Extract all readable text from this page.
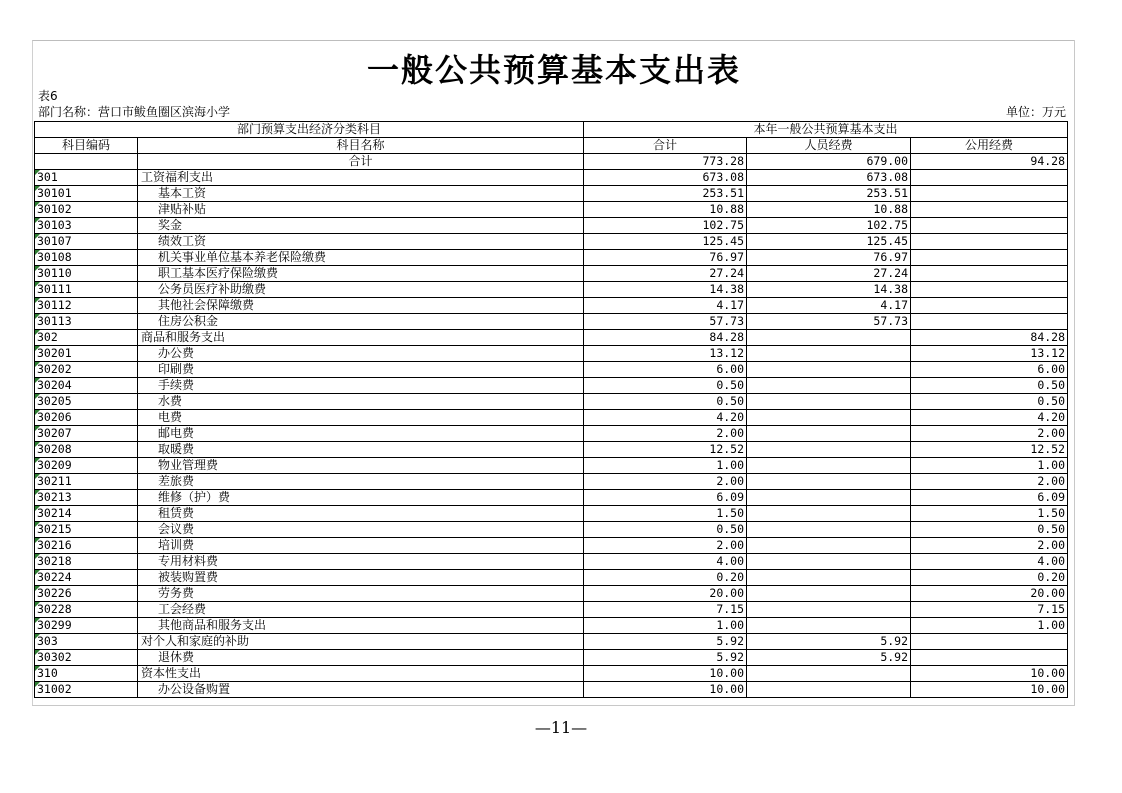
一般公共预算基本支出表
表6
部门名称：营口市鲅鱼圈区滨海小学	单位：万元
部门预算支出经济分类科目		本年一般公共预算基本支出		
科目编码	科目名称	合计	人员经费	公用经费
	合计	773.28	679.00	94.28
301	工资福利支出	673.08	673.08	
30101	基本工资	253.51	253.51	
30102	津贴补贴	10.88	10.88	
30103	奖金	102.75	102.75	
30107	绩效工资	125.45	125.45	
30108	机关事业单位基本养老保险缴费	76.97	76.97	
30110	职工基本医疗保险缴费	27.24	27.24	
30111	公务员医疗补助缴费	14.38	14.38	
30112	其他社会保障缴费	4.17	4.17	
30113	住房公积金	57.73	57.73	
302	商品和服务支出	84.28		84.28
30201	办公费	13.12		13.12
30202	印刷费	6.00		6.00
30204	手续费	0.50		0.50
30205	水费	0.50		0.50
30206	电费	4.20		4.20
30207	邮电费	2.00		2.00
30208	取暖费	12.52		12.52
30209	物业管理费	1.00		1.00
30211	差旅费	2.00		2.00
30213	维修（护）费	6.09		6.09
30214	租赁费	1.50		1.50
30215	会议费	0.50		0.50
30216	培训费	2.00		2.00
30218	专用材料费	4.00		4.00
30224	被装购置费	0.20		0.20
30226	劳务费	20.00		20.00
30228	工会经费	7.15		7.15
30299	其他商品和服务支出	1.00		1.00
303	对个人和家庭的补助	5.92	5.92	
30302	退休费	5.92	5.92	
310	资本性支出	10.00		10.00
31002	办公设备购置	10.00		10.00
—11—
